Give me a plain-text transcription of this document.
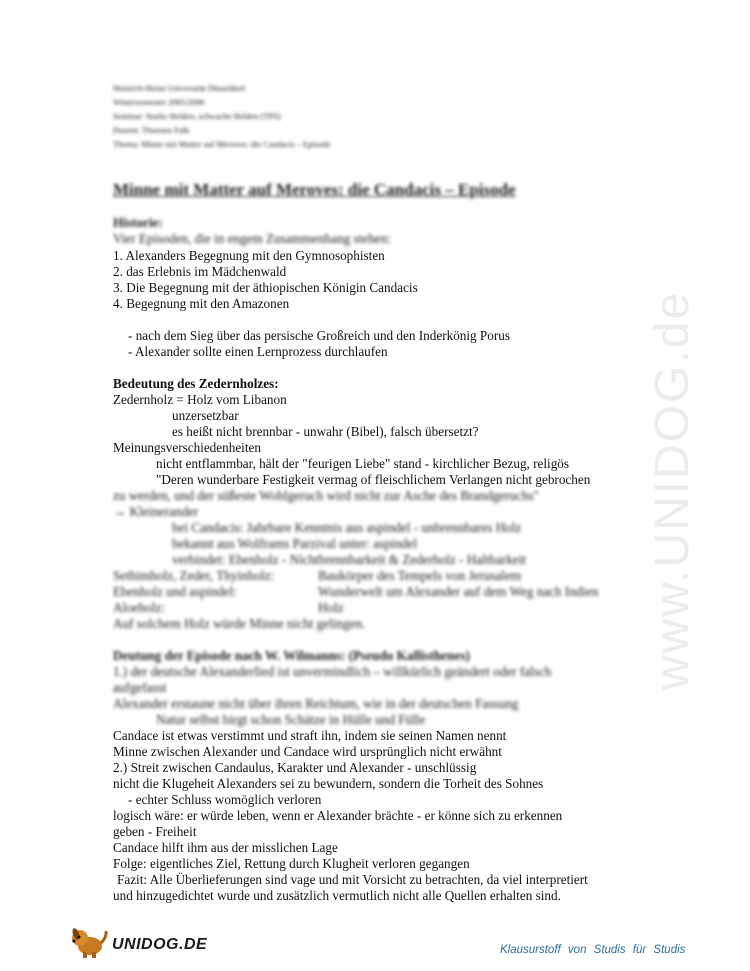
Heinrich-Heine Universität Düsseldorf
Wintersemester 2005/2006
Seminar: Starke Helden, schwache Helden (TPS)
Dozent: Thorsten Falk
Thema: Minne mit Matter auf Meroves: die Candacis – Episode
Minne mit Matter auf Meroves: die Candacis – Episode
www.UNIDOG.de
Historie:
Vier Episoden, die in engem Zusammenhang stehen:
1. Alexanders Begegnung mit den Gymnosophisten
2. das Erlebnis im Mädchenwald
3. Die Begegnung mit der äthiopischen Königin Candacis
4. Begegnung mit den Amazonen
- nach dem Sieg über das persische Großreich und den Inderkönig Porus
- Alexander sollte einen Lernprozess durchlaufen
Bedeutung des Zedernholzes:
Zedernholz = Holz vom Libanon
unzersetzbar
es heißt nicht brennbar - unwahr (Bibel), falsch übersetzt?
Meinungsverschiedenheiten
nicht entflammbar, hält der "feurigen Liebe" stand - kirchlicher Bezug, religös
"Deren wunderbare Festigkeit vermag of fleischlichem Verlangen nicht gebrochen
zu werden, und der süßeste Wohlgeruch wird nicht zur Asche des Brandgeruchs"
→ Kleinerander
bei Candacis: Jahrbare Kenntnis aus aspindel - unbrennbares Holz
bekannt aus Wolframs Parzival unter: aspindel
verbindet: Ebenholz - Nichtbrennbarkeit & Zederholz - Haltbarkeit
Sethimholz, Zeder, Thyinholz:	Baukörper des Tempels von Jerusalem
Ebenholz und aspindel:	Wunderwelt um Alexander auf dem Weg nach Indien
Aloeholz:	Holz
Auf solchem Holz würde Minne nicht gelingen.
Deutung der Episode nach W. Wilmanns: (Pseudo Kallisthenes)
1.) der deutsche Alexanderlied ist unvermindlich – willkürlich geändert oder falsch
aufgefasst
Alexander erstaune nicht über ihren Reichtum, wie in der deutschen Fassung
Natur selbst birgt schon Schätze in Hülle und Fülle
Candace ist etwas verstimmt und straft ihn, indem sie seinen Namen nennt
Minne zwischen Alexander und Candace wird ursprünglich nicht erwähnt
2.) Streit zwischen Candaulus, Karakter und Alexander - unschlüssig
nicht die Klugeheit Alexanders sei zu bewundern, sondern die Torheit des Sohnes
- echter Schluss womöglich verloren
logisch wäre: er würde leben, wenn er Alexander brächte - er könne sich zu erkennen
geben - Freiheit
Candace hilft ihm aus der misslichen Lage
Folge: eigentliches Ziel, Rettung durch Klugheit verloren gegangen
Fazit: Alle Überlieferungen sind vage und mit Vorsicht zu betrachten, da viel interpretiert
und hinzugedichtet wurde und zusätzlich vermutlich nicht alle Quellen erhalten sind.
UNIDOG.DE	Klausurstoff von Studis für Studis
